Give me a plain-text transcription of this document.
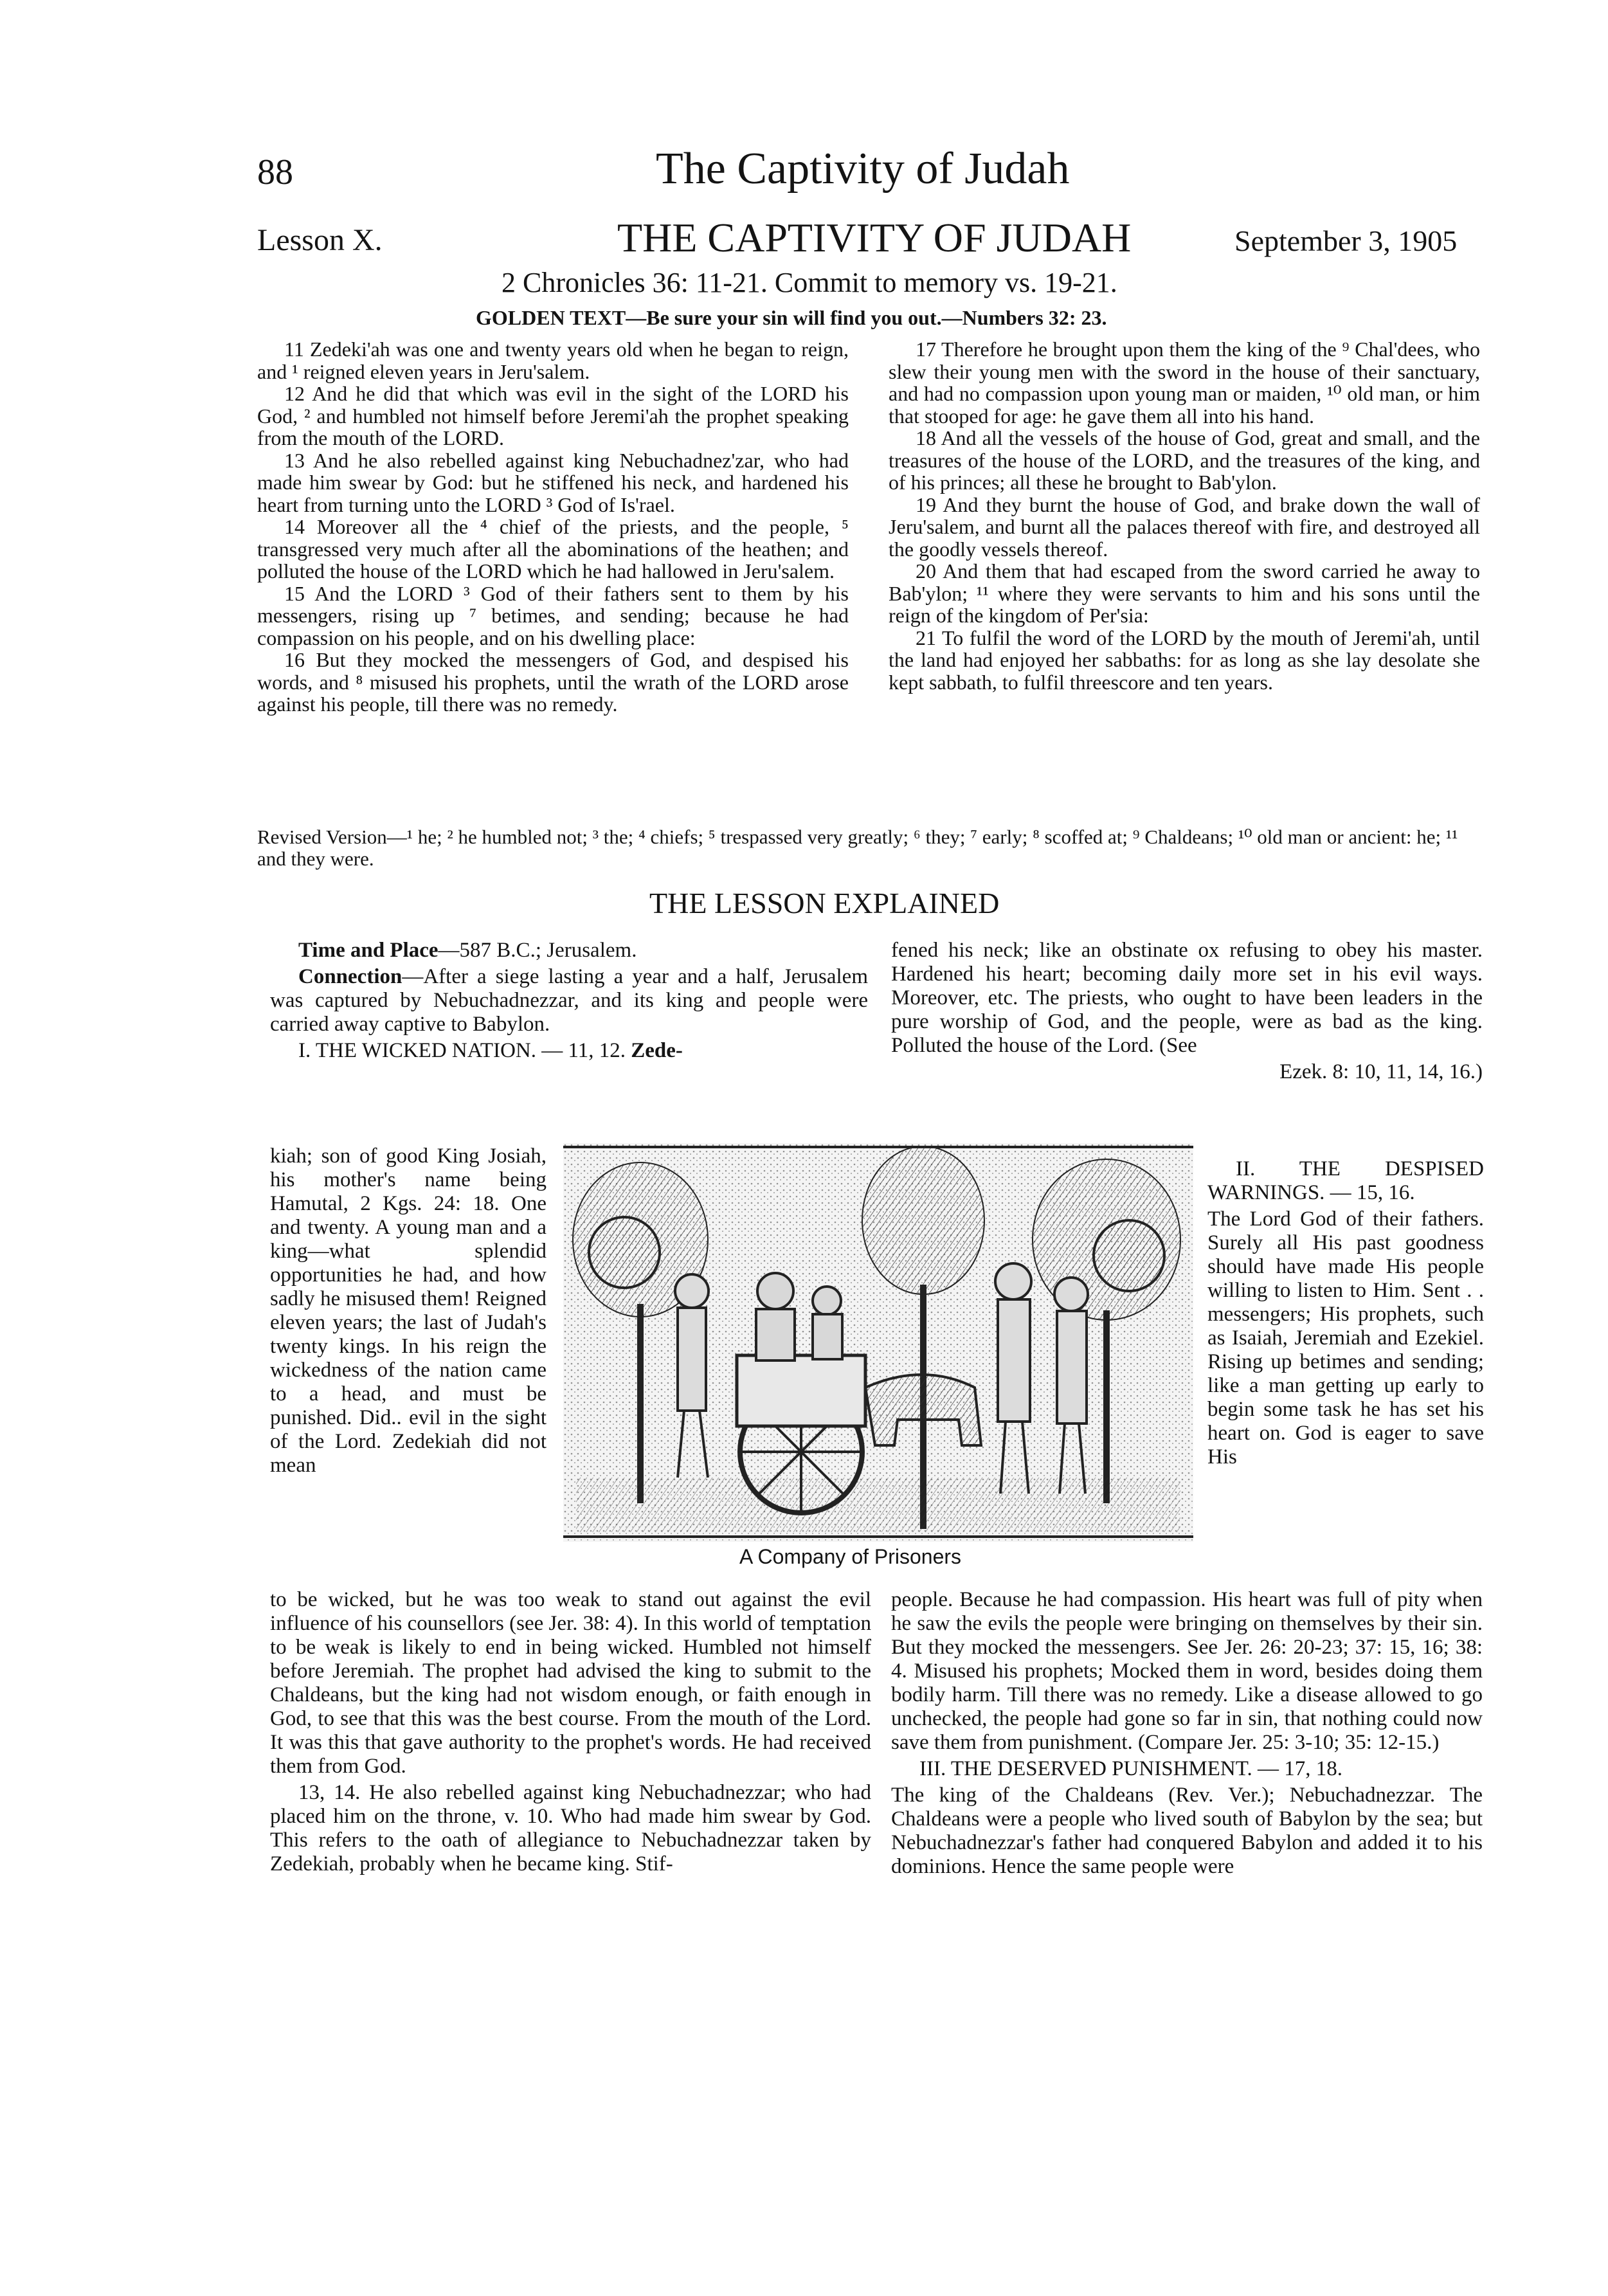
88	The Captivity of Judah
Lesson X.	THE CAPTIVITY OF JUDAH	September 3, 1905
2 Chronicles 36: 11-21. Commit to memory vs. 19-21.
GOLDEN TEXT—Be sure your sin will find you out.—Numbers 32: 23.

11 Zedeki'ah was one and twenty years old when he began to reign, and ¹ reigned eleven years in Jeru'salem.

12 And he did that which was evil in the sight of the LORD his God, ² and humbled not himself before Jeremi'ah the prophet speaking from the mouth of the LORD.

13 And he also rebelled against king Nebuchadnez'zar, who had made him swear by God: but he stiffened his neck, and hardened his heart from turning unto the LORD ³ God of Is'rael.

14 Moreover all the ⁴ chief of the priests, and the people, ⁵ transgressed very much after all the abominations of the heathen; and polluted the house of the LORD which he had hallowed in Jeru'salem.

15 And the LORD ³ God of their fathers sent to them by his messengers, rising up ⁷ betimes, and sending; because he had compassion on his people, and on his dwelling place:

16 But they mocked the messengers of God, and despised his words, and ⁸ misused his prophets, until the wrath of the LORD arose against his people, till there was no remedy.

17 Therefore he brought upon them the king of the ⁹ Chal'dees, who slew their young men with the sword in the house of their sanctuary, and had no compassion upon young man or maiden, ¹⁰ old man, or him that stooped for age: he gave them all into his hand.

18 And all the vessels of the house of God, great and small, and the treasures of the house of the LORD, and the treasures of the king, and of his princes; all these he brought to Bab'ylon.

19 And they burnt the house of God, and brake down the wall of Jeru'salem, and burnt all the palaces thereof with fire, and destroyed all the goodly vessels thereof.

20 And them that had escaped from the sword carried he away to Bab'ylon; ¹¹ where they were servants to him and his sons until the reign of the kingdom of Per'sia:

21 To fulfil the word of the LORD by the mouth of Jeremi'ah, until the land had enjoyed her sabbaths: for as long as she lay desolate she kept sabbath, to fulfil threescore and ten years.

Revised Version—¹ he; ² he humbled not; ³ the; ⁴ chiefs; ⁵ trespassed very greatly; ⁶ they; ⁷ early; ⁸ scoffed at; ⁹ Chaldeans; ¹⁰ old man or ancient: he; ¹¹ and they were.
THE LESSON EXPLAINED

Time and Place—587 B.C.; Jerusalem.

Connection—After a siege lasting a year and a half, Jerusalem was captured by Nebuchadnezzar, and its king and people were carried away captive to Babylon.

I. THE WICKED NATION. — 11, 12. Zede-

kiah; son of good King Josiah, his mother's name being Hamutal, 2 Kgs. 24: 18. One and twenty. A young man and a king—what splendid opportunities he had, and how sadly he misused them! Reigned eleven years; the last of Judah's twenty kings. In his reign the wickedness of the nation came to a head, and must be punished. Did.. evil in the sight of the Lord. Zedekiah did not mean

fened his neck; like an obstinate ox refusing to obey his master. Hardened his heart; becoming daily more set in his evil ways. Moreover, etc. The priests, who ought to have been leaders in the pure worship of God, and the people, were as bad as the king. Polluted the house of the Lord. (See

Ezek. 8: 10, 11, 14, 16.)

II. THE DESPISED WARNINGS. — 15, 16.

The Lord God of their fathers. Surely all His past goodness should have made His people willing to listen to Him. Sent . . messengers; His prophets, such as Isaiah, Jeremiah and Ezekiel. Rising up betimes and sending; like a man getting up early to begin some task he has set his heart on. God is eager to save His

A Company of Prisoners

to be wicked, but he was too weak to stand out against the evil influence of his counsellors (see Jer. 38: 4). In this world of temptation to be weak is likely to end in being wicked. Humbled not himself before Jeremiah. The prophet had advised the king to submit to the Chaldeans, but the king had not wisdom enough, or faith enough in God, to see that this was the best course. From the mouth of the Lord. It was this that gave authority to the prophet's words. He had received them from God.

13, 14. He also rebelled against king Nebuchadnezzar; who had placed him on the throne, v. 10. Who had made him swear by God. This refers to the oath of allegiance to Nebuchadnezzar taken by Zedekiah, probably when he became king. Stif-

people. Because he had compassion. His heart was full of pity when he saw the evils the people were bringing on themselves by their sin. But they mocked the messengers. See Jer. 26: 20-23; 37: 15, 16; 38: 4. Misused his prophets; Mocked them in word, besides doing them bodily harm. Till there was no remedy. Like a disease allowed to go unchecked, the people had gone so far in sin, that nothing could now save them from punishment. (Compare Jer. 25: 3-10; 35: 12-15.)

III. THE DESERVED PUNISHMENT. — 17, 18.

The king of the Chaldeans (Rev. Ver.); Nebuchadnezzar. The Chaldeans were a people who lived south of Babylon by the sea; but Nebuchadnezzar's father had conquered Babylon and added it to his dominions. Hence the same people were
